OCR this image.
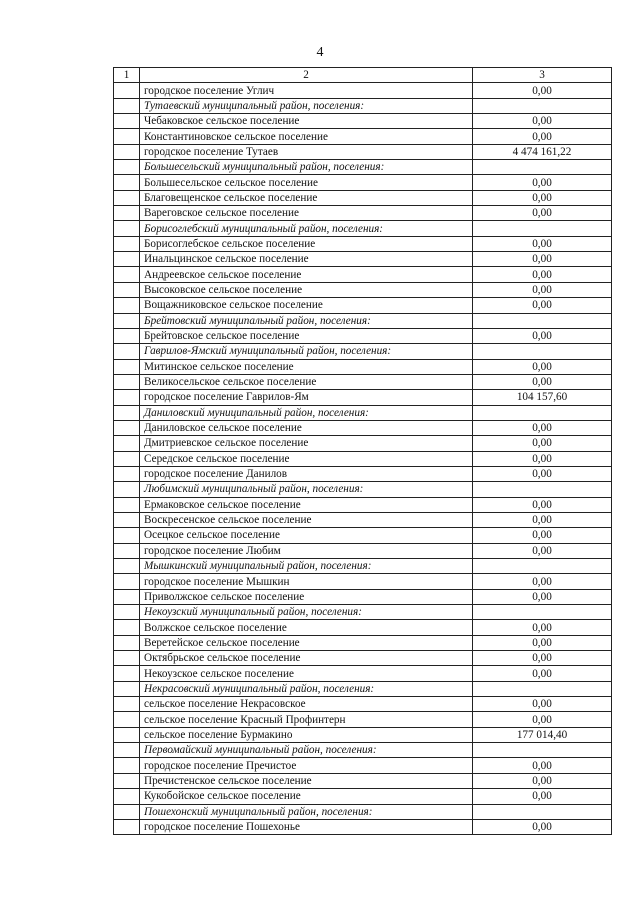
4
1	2	3
	городское поселение Углич	0,00
	Тутаевский муниципальный район, поселения:	
	Чебаковское сельское поселение	0,00
	Константиновское сельское поселение	0,00
	городское поселение Тутаев	4 474 161,22
	Большесельский муниципальный район, поселения:	
	Большесельское сельское поселение	0,00
	Благовещенское сельское поселение	0,00
	Вареговское сельское поселение	0,00
	Борисоглебский муниципальный район, поселения:	
	Борисоглебское сельское поселение	0,00
	Инальцинское сельское поселение	0,00
	Андреевское сельское поселение	0,00
	Высоковское сельское поселение	0,00
	Вощажниковское сельское поселение	0,00
	Брейтовский муниципальный район, поселения:	
	Брейтовское сельское поселение	0,00
	Гаврилов-Ямский муниципальный район, поселения:	
	Митинское сельское поселение	0,00
	Великосельское сельское поселение	0,00
	городское поселение Гаврилов-Ям	104 157,60
	Даниловский муниципальный район, поселения:	
	Даниловское сельское поселение	0,00
	Дмитриевское сельское поселение	0,00
	Середское сельское поселение	0,00
	городское поселение Данилов	0,00
	Любимский муниципальный район, поселения:	
	Ермаковское сельское поселение	0,00
	Воскресенское сельское поселение	0,00
	Осецкое сельское поселение	0,00
	городское поселение Любим	0,00
	Мышкинский муниципальный район, поселения:	
	городское поселение Мышкин	0,00
	Приволжское сельское поселение	0,00
	Некоузский муниципальный район, поселения:	
	Волжское сельское поселение	0,00
	Веретейское сельское поселение	0,00
	Октябрьское сельское поселение	0,00
	Некоузское сельское поселение	0,00
	Некрасовский муниципальный район, поселения:	
	сельское поселение Некрасовское	0,00
	сельское поселение Красный Профинтерн	0,00
	сельское поселение Бурмакино	177 014,40
	Первомайский муниципальный район, поселения:	
	городское поселение Пречистое	0,00
	Пречистенское сельское поселение	0,00
	Кукобойское сельское поселение	0,00
	Пошехонский муниципальный район, поселения:	
	городское поселение Пошехонье	0,00
